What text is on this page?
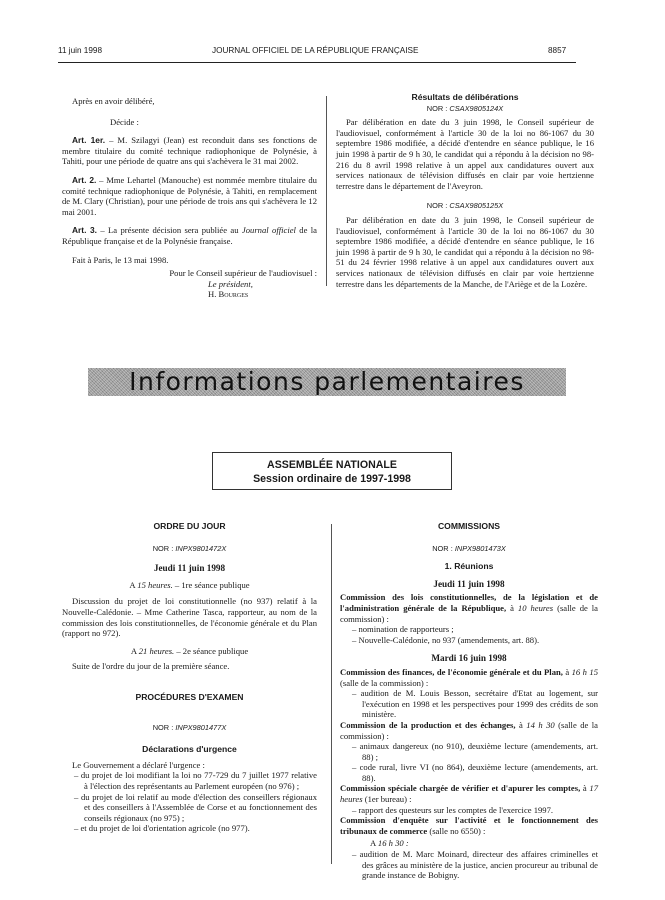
11 juin 1998	JOURNAL OFFICIEL DE LA RÉPUBLIQUE FRANÇAISE	8857

Après en avoir délibéré,

Décide :

Art. 1er. – M. Szilagyi (Jean) est reconduit dans ses fonctions de membre titulaire du comité technique radiophonique de Polynésie, à Tahiti, pour une période de quatre ans qui s'achèvera le 31 mai 2002.

Art. 2. – Mme Lehartel (Manouche) est nommée membre titulaire du comité technique radiophonique de Polynésie, à Tahiti, en remplacement de M. Clary (Christian), pour une période de trois ans qui s'achèvera le 12 mai 2001.

Art. 3. – La présente décision sera publiée au Journal officiel de la République française et de la Polynésie française.

Fait à Paris, le 13 mai 1998.

Pour le Conseil supérieur de l'audiovisuel :

Le président,

H. Bourges

Résultats de délibérations

NOR : CSAX9805124X

Par délibération en date du 3 juin 1998, le Conseil supérieur de l'audiovisuel, conformément à l'article 30 de la loi no 86-1067 du 30 septembre 1986 modifiée, a décidé d'entendre en séance publique, le 16 juin 1998 à partir de 9 h 30, le candidat qui a répondu à la décision no 98-216 du 8 avril 1998 relative à un appel aux candidatures ouvert aux services nationaux de télévision diffusés en clair par voie hertzienne terrestre dans le département de l'Aveyron.

NOR : CSAX9805125X

Par délibération en date du 3 juin 1998, le Conseil supérieur de l'audiovisuel, conformément à l'article 30 de la loi no 86-1067 du 30 septembre 1986 modifiée, a décidé d'entendre en séance publique, le 16 juin 1998 à partir de 9 h 30, le candidat qui a répondu à la décision no 98-51 du 24 février 1998 relative à un appel aux candidatures ouvert aux services nationaux de télévision diffusés en clair par voie hertzienne terrestre dans les départements de la Manche, de l'Ariège et de la Lozère.

Informations parlementaires
ASSEMBLÉE NATIONALE
Session ordinaire de 1997-1998

ORDRE DU JOUR

NOR : INPX9801472X

Jeudi 11 juin 1998

A 15 heures. – 1re séance publique

Discussion du projet de loi constitutionnelle (no 937) relatif à la Nouvelle-Calédonie. – Mme Catherine Tasca, rapporteur, au nom de la commission des lois constitutionnelles, de l'économie générale et du Plan (rapport no 972).

A 21 heures. – 2e séance publique

Suite de l'ordre du jour de la première séance.

PROCÉDURES D'EXAMEN

NOR : INPX9801477X

Déclarations d'urgence

Le Gouvernement a déclaré l'urgence :

– du projet de loi modifiant la loi no 77-729 du 7 juillet 1977 relative à l'élection des représentants au Parlement européen (no 976) ;

– du projet de loi relatif au mode d'élection des conseillers régionaux et des conseillers à l'Assemblée de Corse et au fonctionnement des conseils régionaux (no 975) ;

– et du projet de loi d'orientation agricole (no 977).

COMMISSIONS

NOR : INPX9801473X

1. Réunions

Jeudi 11 juin 1998

Commission des lois constitutionnelles, de la législation et de l'administration générale de la République, à 10 heures (salle de la commission) :

– nomination de rapporteurs ;

– Nouvelle-Calédonie, no 937 (amendements, art. 88).

Mardi 16 juin 1998

Commission des finances, de l'économie générale et du Plan, à 16 h 15 (salle de la commission) :

– audition de M. Louis Besson, secrétaire d'Etat au logement, sur l'exécution en 1998 et les perspectives pour 1999 des crédits de son ministère.

Commission de la production et des échanges, à 14 h 30 (salle de la commission) :

– animaux dangereux (no 910), deuxième lecture (amendements, art. 88) ;

– code rural, livre VI (no 864), deuxième lecture (amendements, art. 88).

Commission spéciale chargée de vérifier et d'apurer les comptes, à 17 heures (1er bureau) :

– rapport des questeurs sur les comptes de l'exercice 1997.

Commission d'enquête sur l'activité et le fonctionnement des tribunaux de commerce (salle no 6550) :

A 16 h 30 :

– audition de M. Marc Moinard, directeur des affaires criminelles et des grâces au ministère de la justice, ancien procureur au tribunal de grande instance de Bobigny.
